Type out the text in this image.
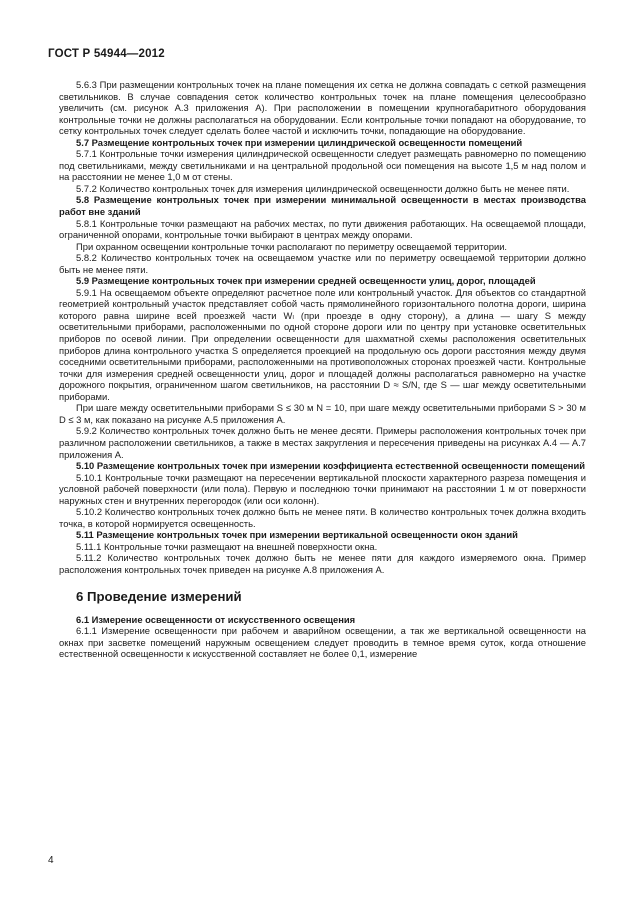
ГОСТ Р 54944—2012

5.6.3 При размещении контрольных точек на плане помещения их сетка не должна совпадать с сеткой размещения светильников. В случае совпадения сеток количество контрольных точек на плане помещения целесообразно увеличить (см. рисунок А.3 приложения А). При расположении в помещении крупногабаритного оборудования контрольные точки не должны располагаться на оборудовании. Если контрольные точки попадают на оборудование, то сетку контрольных точек следует сделать более частой и исключить точки, попадающие на оборудование.

5.7 Размещение контрольных точек при измерении цилиндрической освещенности помещений

5.7.1 Контрольные точки измерения цилиндрической освещенности следует размещать равномерно по помещению под светильниками, между светильниками и на центральной продольной оси помещения на высоте 1,5 м над полом и на расстоянии не менее 1,0 м от стены.

5.7.2 Количество контрольных точек для измерения цилиндрической освещенности должно быть не менее пяти.

5.8 Размещение контрольных точек при измерении минимальной освещенности в местах производства работ вне зданий

5.8.1 Контрольные точки размещают на рабочих местах, по пути движения работающих. На освещаемой площади, ограниченной опорами, контрольные точки выбирают в центрах между опорами.

При охранном освещении контрольные точки располагают по периметру освещаемой территории.

5.8.2 Количество контрольных точек на освещаемом участке или по периметру освещаемой территории должно быть не менее пяти.

5.9 Размещение контрольных точек при измерении средней освещенности улиц, дорог, площадей

5.9.1 На освещаемом объекте определяют расчетное поле или контрольный участок. Для объектов со стандартной геометрией контрольный участок представляет собой часть прямолинейного горизонтального полотна дороги, ширина которого равна ширине всей проезжей части Wₗ (при проезде в одну сторону), а длина — шагу S между осветительными приборами, расположенными по одной стороне дороги или по центру при установке осветительных приборов по осевой линии. При определении освещенности для шахматной схемы расположения осветительных приборов длина контрольного участка S определяется проекцией на продольную ось дороги расстояния между двумя соседними осветительными приборами, расположенными на противоположных сторонах проезжей части. Контрольные точки для измерения средней освещенности улиц, дорог и площадей должны располагаться равномерно на участке дорожного покрытия, ограниченном шагом светильников, на расстоянии D ≈ S/N, где S — шаг между осветительными приборами.

При шаге между осветительными приборами S ≤ 30 м N = 10, при шаге между осветительными приборами S > 30 м D ≤ 3 м, как показано на рисунке А.5 приложения А.

5.9.2 Количество контрольных точек должно быть не менее десяти. Примеры расположения контрольных точек при различном расположении светильников, а также в местах закругления и пересечения приведены на рисунках А.4 — А.7 приложения А.

5.10 Размещение контрольных точек при измерении коэффициента естественной освещенности помещений

5.10.1 Контрольные точки размещают на пересечении вертикальной плоскости характерного разреза помещения и условной рабочей поверхности (или пола). Первую и последнюю точки принимают на расстоянии 1 м от поверхности наружных стен и внутренних перегородок (или оси колонн).

5.10.2 Количество контрольных точек должно быть не менее пяти. В количество контрольных точек должна входить точка, в которой нормируется освещенность.

5.11 Размещение контрольных точек при измерении вертикальной освещенности окон зданий

5.11.1 Контрольные точки размещают на внешней поверхности окна.

5.11.2 Количество контрольных точек должно быть не менее пяти для каждого измеряемого окна. Пример расположения контрольных точек приведен на рисунке А.8 приложения А.

6 Проведение измерений

6.1 Измерение освещенности от искусственного освещения

6.1.1 Измерение освещенности при рабочем и аварийном освещении, а так же вертикальной освещенности на окнах при засветке помещений наружным освещением следует проводить в темное время суток, когда отношение естественной освещенности к искусственной составляет не более 0,1, измерение

4
